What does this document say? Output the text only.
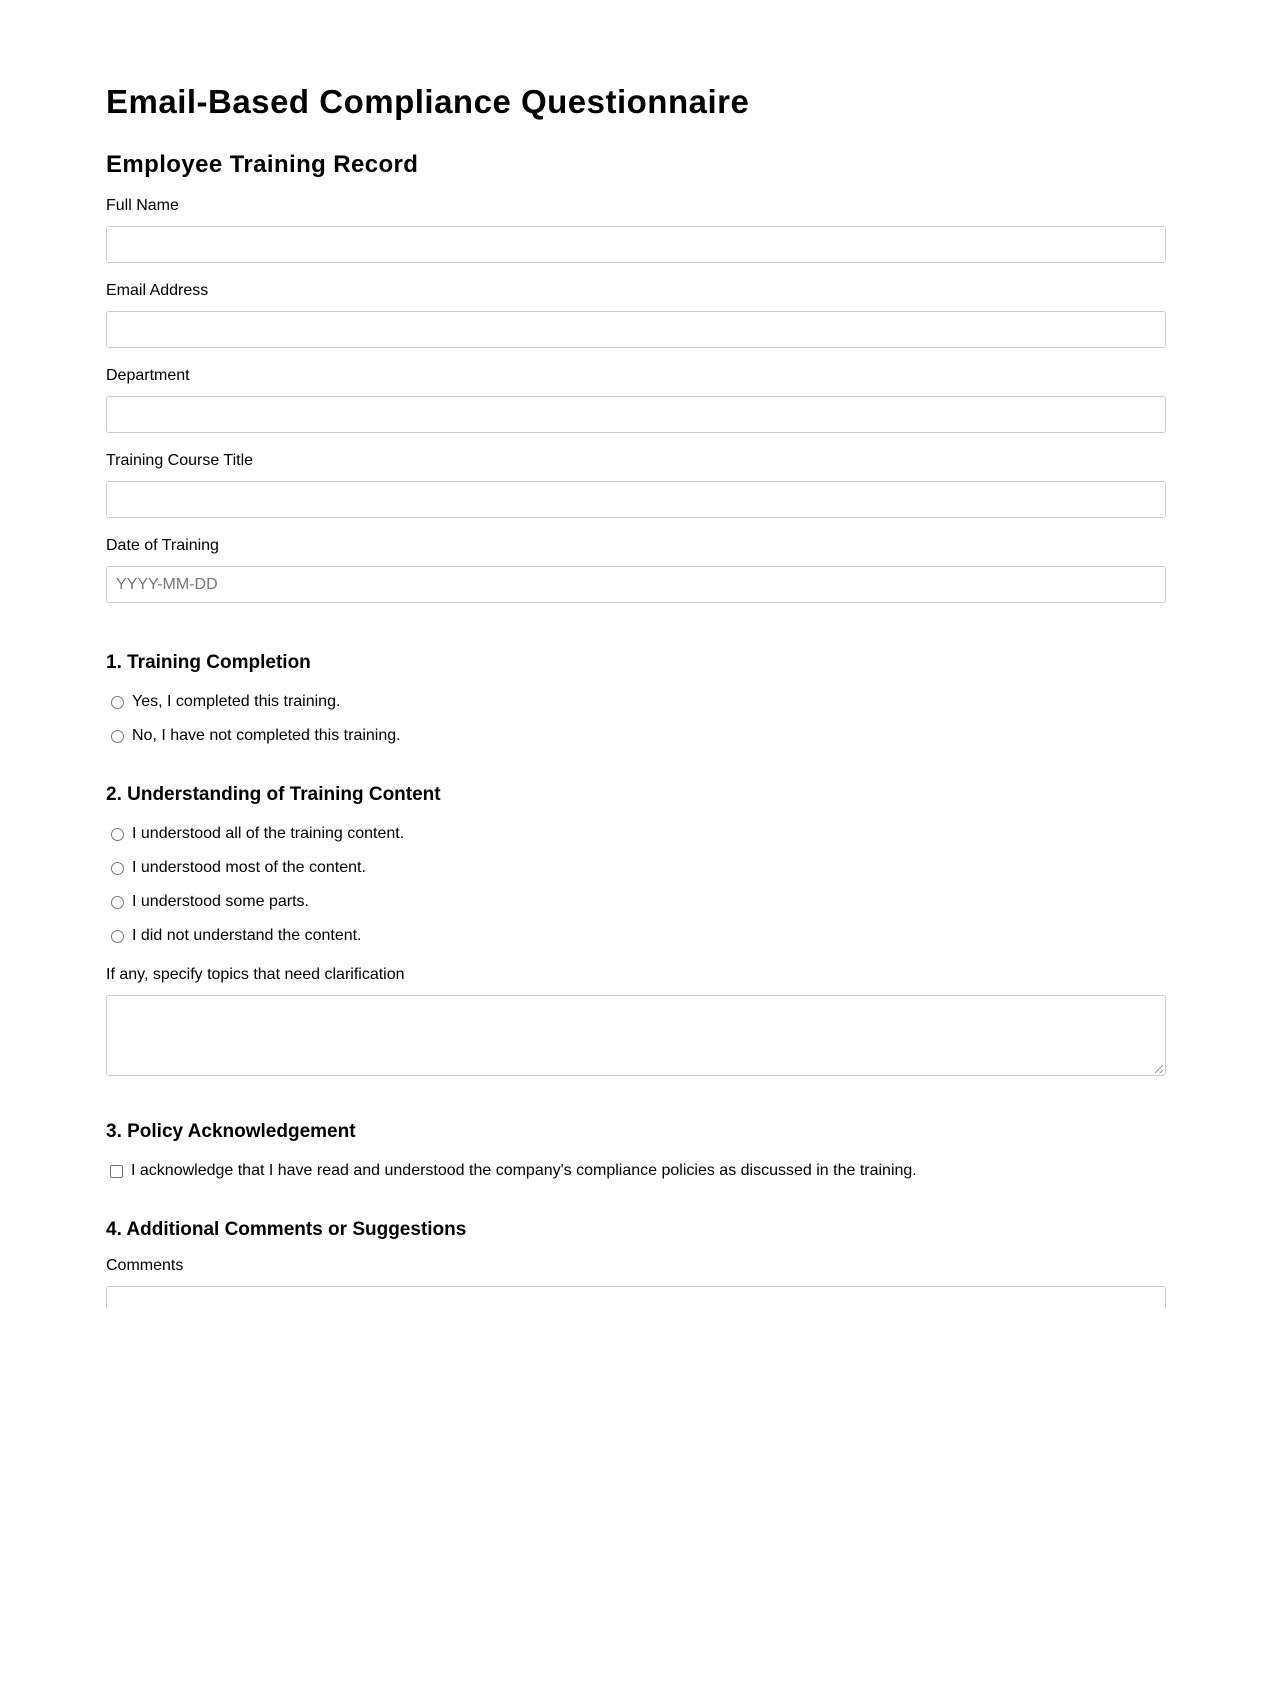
Email-Based Compliance Questionnaire
Employee Training Record
Full Name
Email Address
Department
Training Course Title
Date of Training
YYYY-MM-DD
1. Training Completion
Yes, I completed this training.
No, I have not completed this training.
2. Understanding of Training Content
I understood all of the training content.
I understood most of the content.
I understood some parts.
I did not understand the content.
If any, specify topics that need clarification
3. Policy Acknowledgement
I acknowledge that I have read and understood the company's compliance policies as discussed in the training.
4. Additional Comments or Suggestions
Comments
